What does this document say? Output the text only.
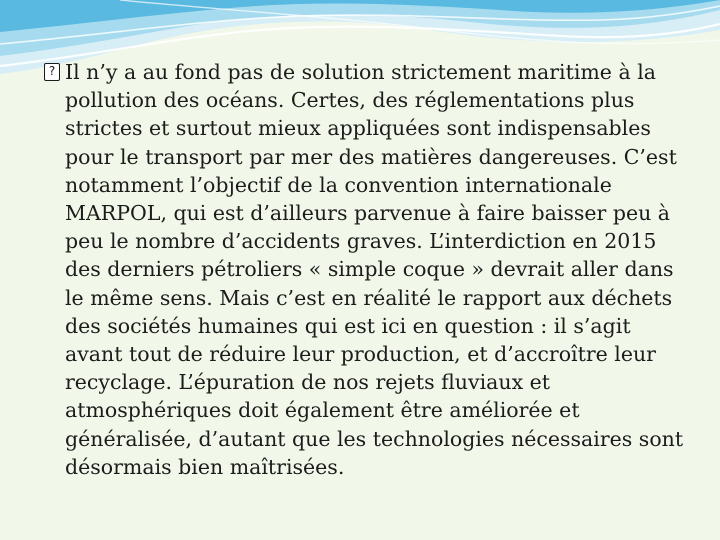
? Il n’y a au fond pas de solution strictement maritime à la pollution des océans. Certes, des réglementations plus strictes et surtout mieux appliquées sont indispensables pour le transport par mer des matières dangereuses. C’est notamment l’objectif de la convention internationale MARPOL, qui est d’ailleurs parvenue à faire baisser peu à peu le nombre d’accidents graves. L’interdiction en 2015 des derniers pétroliers « simple coque » devrait aller dans le même sens. Mais c’est en réalité le rapport aux déchets des sociétés humaines qui est ici en question : il s’agit avant tout de réduire leur production, et d’accroître leur recyclage. L’épuration de nos rejets fluviaux et atmosphériques doit également être améliorée et généralisée, d’autant que les technologies nécessaires sont désormais bien maîtrisées.
